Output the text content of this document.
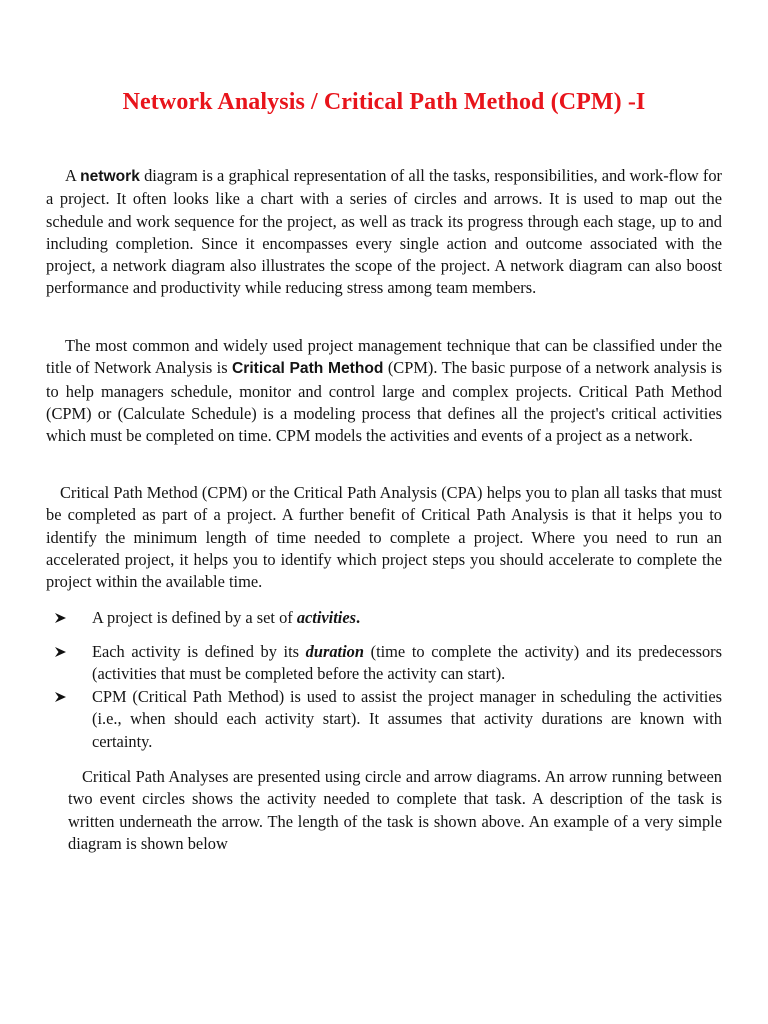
Network Analysis / Critical Path Method (CPM) -I

A network diagram is a graphical representation of all the tasks, responsibilities, and work-flow for a project. It often looks like a chart with a series of circles and arrows. It is used to map out the schedule and work sequence for the project, as well as track its progress through each stage, up to and including completion. Since it encompasses every single action and outcome associated with the project, a network diagram also illustrates the scope of the project. A network diagram can also boost performance and productivity while reducing stress among team members.

The most common and widely used project management technique that can be classified under the title of Network Analysis is Critical Path Method (CPM). The basic purpose of a network analysis is to help managers schedule, monitor and control large and complex projects. Critical Path Method (CPM) or (Calculate Schedule) is a modeling process that defines all the project's critical activities which must be completed on time. CPM models the activities and events of a project as a network.

Critical Path Method (CPM) or the Critical Path Analysis (CPA) helps you to plan all tasks that must be completed as part of a project. A further benefit of Critical Path Analysis is that it helps you to identify the minimum length of time needed to complete a project. Where you need to run an accelerated project, it helps you to identify which project steps you should accelerate to complete the project within the available time.

A project is defined by a set of activities.

Each activity is defined by its duration (time to complete the activity) and its predecessors (activities that must be completed before the activity can start).

CPM (Critical Path Method) is used to assist the project manager in scheduling the activities (i.e., when should each activity start). It assumes that activity durations are known with certainty.

Critical Path Analyses are presented using circle and arrow diagrams. An arrow running between two event circles shows the activity needed to complete that task. A description of the task is written underneath the arrow. The length of the task is shown above. An example of a very simple diagram is shown below
